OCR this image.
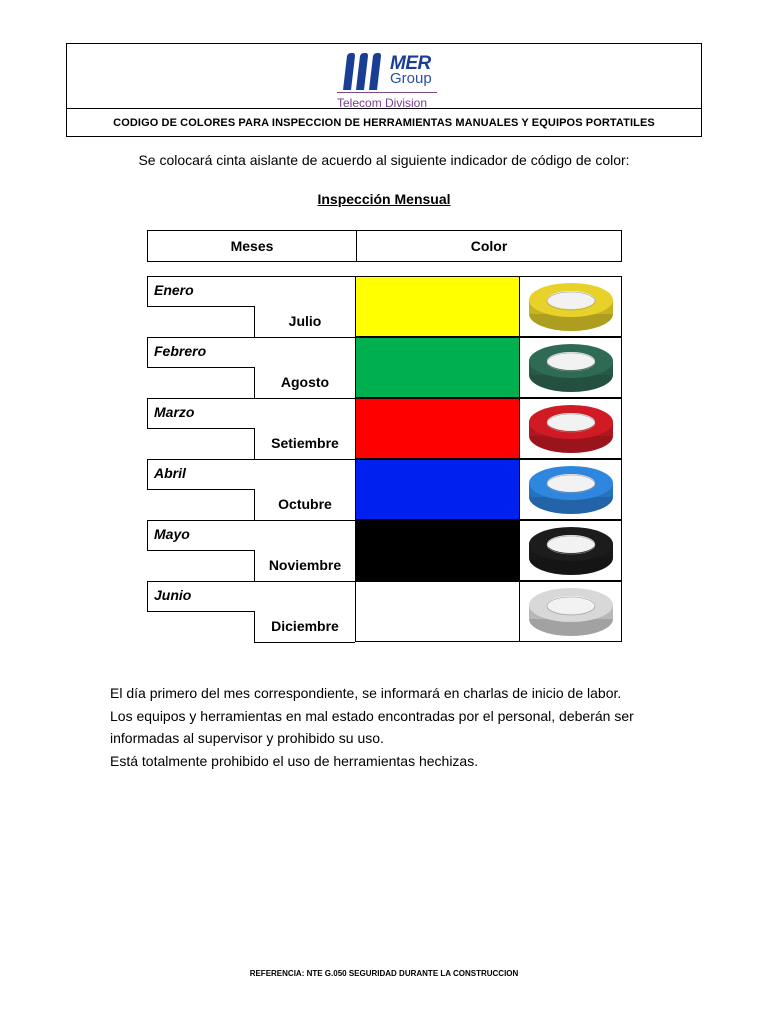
MER
Group
Telecom Division
CODIGO DE COLORES PARA INSPECCION DE HERRAMIENTAS MANUALES Y EQUIPOS PORTATILES
Se colocará cinta aislante de acuerdo al siguiente indicador de código de color:
Inspección Mensual
Meses	Color
Enero
Julio
Febrero
Agosto
Marzo
Setiembre
Abril
Octubre
Mayo
Noviembre
Junio
Diciembre
El día primero del mes correspondiente, se informará en charlas de inicio de labor.
Los equipos y herramientas en mal estado encontradas por el personal, deberán ser
informadas al supervisor y prohibido su uso.
Está totalmente prohibido el uso de herramientas hechizas.
REFERENCIA: NTE G.050 SEGURIDAD DURANTE LA CONSTRUCCION
